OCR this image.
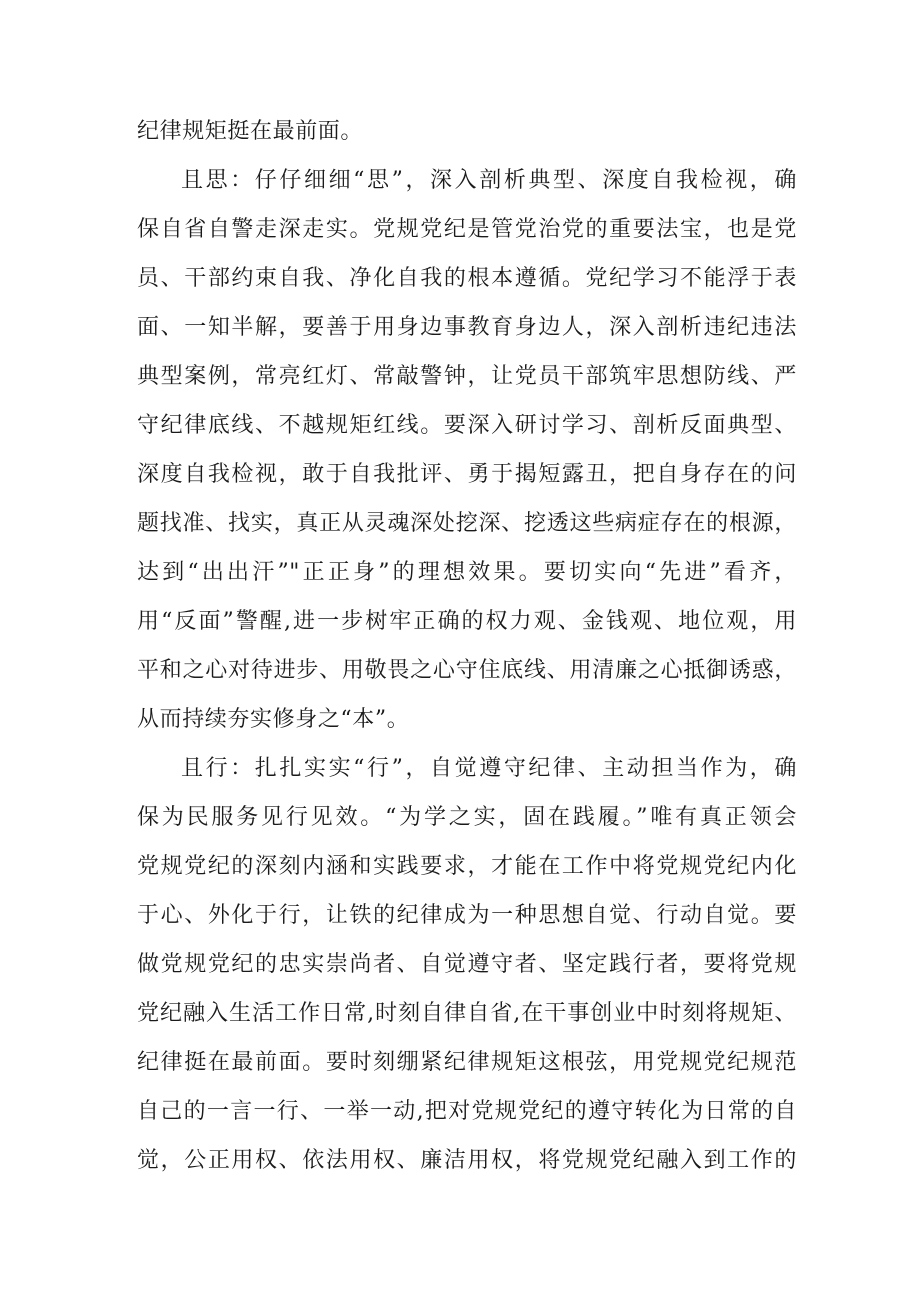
纪律规矩挺在最前面。
且思：仔仔细细“思”，深入剖析典型、深度自我检视，确
保自省自警走深走实。党规党纪是管党治党的重要法宝，也是党
员、干部约束自我、净化自我的根本遵循。党纪学习不能浮于表
面、一知半解，要善于用身边事教育身边人，深入剖析违纪违法
典型案例，常亮红灯、常敲警钟，让党员干部筑牢思想防线、严
守纪律底线、不越规矩红线。要深入研讨学习、剖析反面典型、
深度自我检视，敢于自我批评、勇于揭短露丑，把自身存在的问
题找准、找实，真正从灵魂深处挖深、挖透这些病症存在的根源，
达到“出出汗”"正正身”的理想效果。要切实向“先进”看齐，
用“反面”警醒,进一步树牢正确的权力观、金钱观、地位观，用
平和之心对待进步、用敬畏之心守住底线、用清廉之心抵御诱惑，
从而持续夯实修身之“本”。
且行：扎扎实实“行”，自觉遵守纪律、主动担当作为，确
保为民服务见行见效。“为学之实，固在践履。”唯有真正领会
党规党纪的深刻内涵和实践要求，才能在工作中将党规党纪内化
于心、外化于行，让铁的纪律成为一种思想自觉、行动自觉。要
做党规党纪的忠实崇尚者、自觉遵守者、坚定践行者，要将党规
党纪融入生活工作日常,时刻自律自省,在干事创业中时刻将规矩、
纪律挺在最前面。要时刻绷紧纪律规矩这根弦，用党规党纪规范
自己的一言一行、一举一动,把对党规党纪的遵守转化为日常的自
觉，公正用权、依法用权、廉洁用权，将党规党纪融入到工作的
